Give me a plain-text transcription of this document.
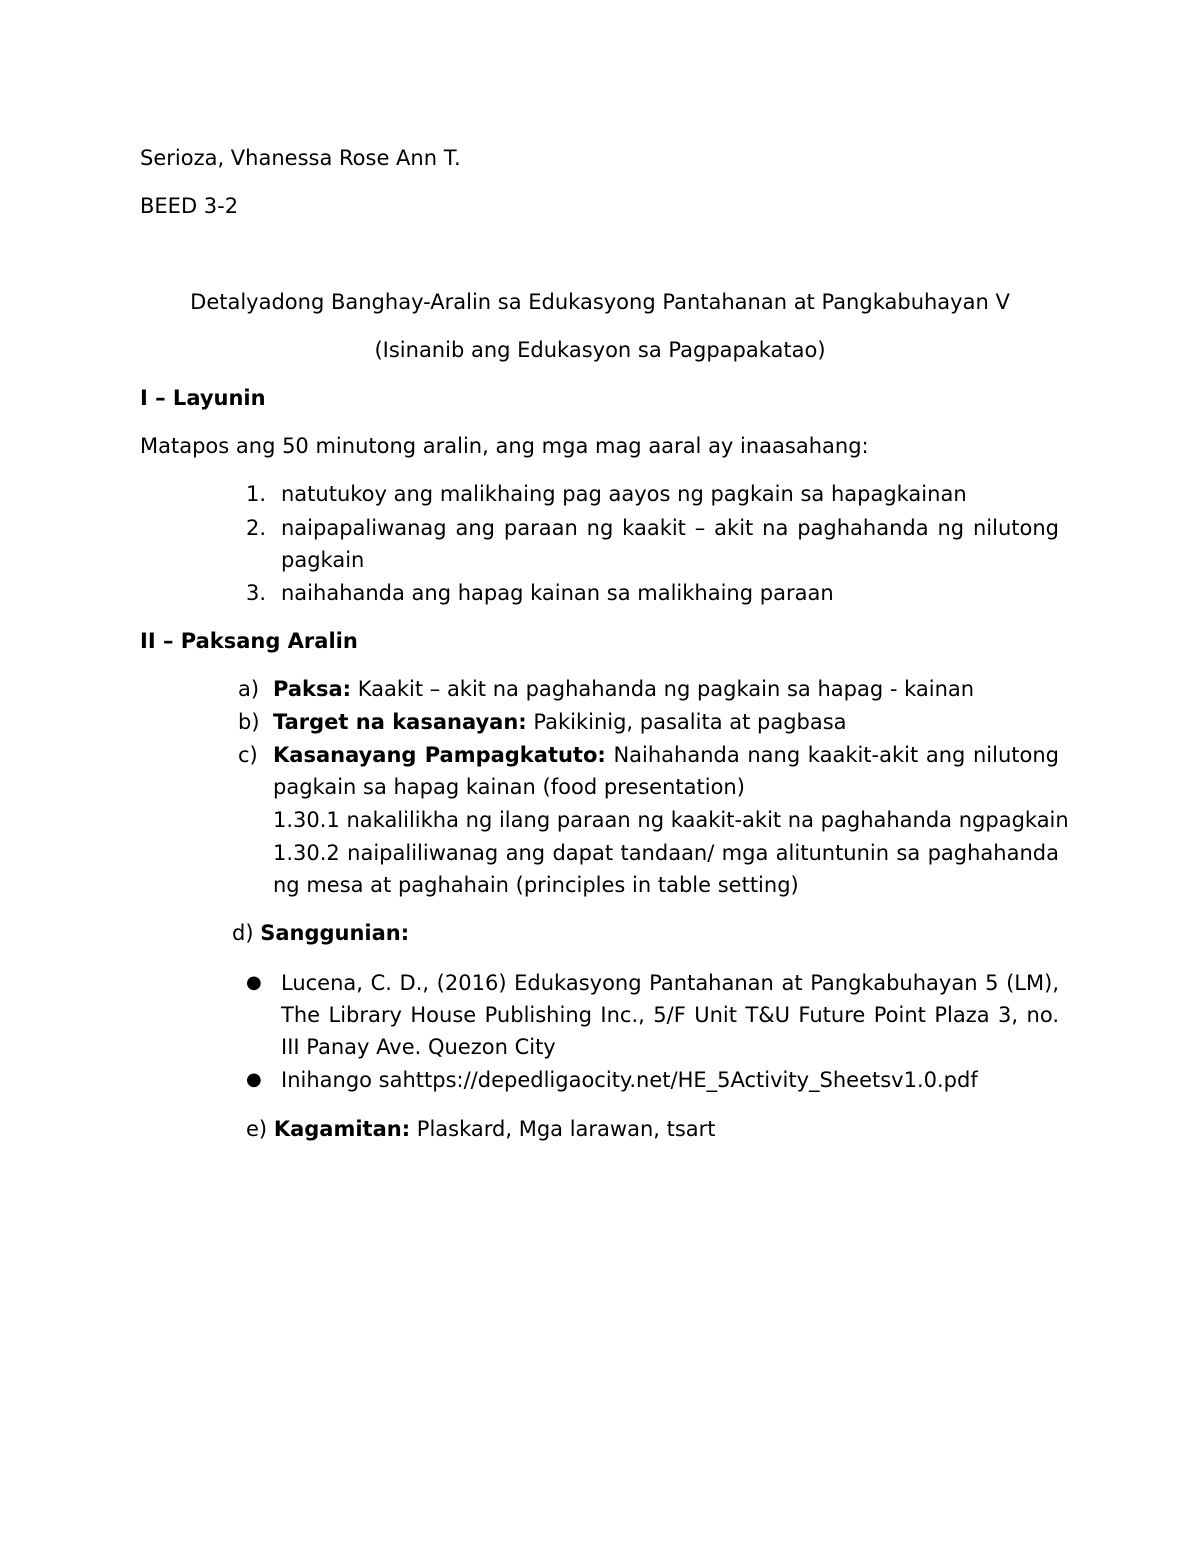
Serioza, Vhanessa Rose Ann T.
BEED 3-2
Detalyadong Banghay-Aralin sa Edukasyong Pantahanan at Pangkabuhayan V
(Isinanib ang Edukasyon sa Pagpapakatao)
I – Layunin
Matapos ang 50 minutong aralin, ang mga mag aaral ay inaasahang:
1. natutukoy ang malikhaing pag aayos ng pagkain sa hapagkainan
2. naipapaliwanag ang paraan ng kaakit – akit na paghahanda ng nilutong pagkain
3. naihahanda ang hapag kainan sa malikhaing paraan
II – Paksang Aralin
a) Paksa: Kaakit – akit na paghahanda ng pagkain sa hapag - kainan
b) Target na kasanayan: Pakikinig, pasalita at pagbasa
c) Kasanayang Pampagkatuto: Naihahanda nang kaakit-akit ang nilutong pagkain sa hapag kainan (food presentation)
1.30.1 nakalilikha ng ilang paraan ng kaakit-akit na paghahanda ngpagkain
1.30.2 naipaliliwanag ang dapat tandaan/ mga alituntunin sa paghahanda ng mesa at paghahain (principles in table setting)
d) Sanggunian:
● Lucena, C. D., (2016) Edukasyong Pantahanan at Pangkabuhayan 5 (LM), The Library House Publishing Inc., 5/F Unit T&U Future Point Plaza 3, no. III Panay Ave. Quezon City
● Inihango sahttps://depedligaocity.net/HE_5Activity_Sheetsv1.0.pdf
e) Kagamitan: Plaskard, Mga larawan, tsart
